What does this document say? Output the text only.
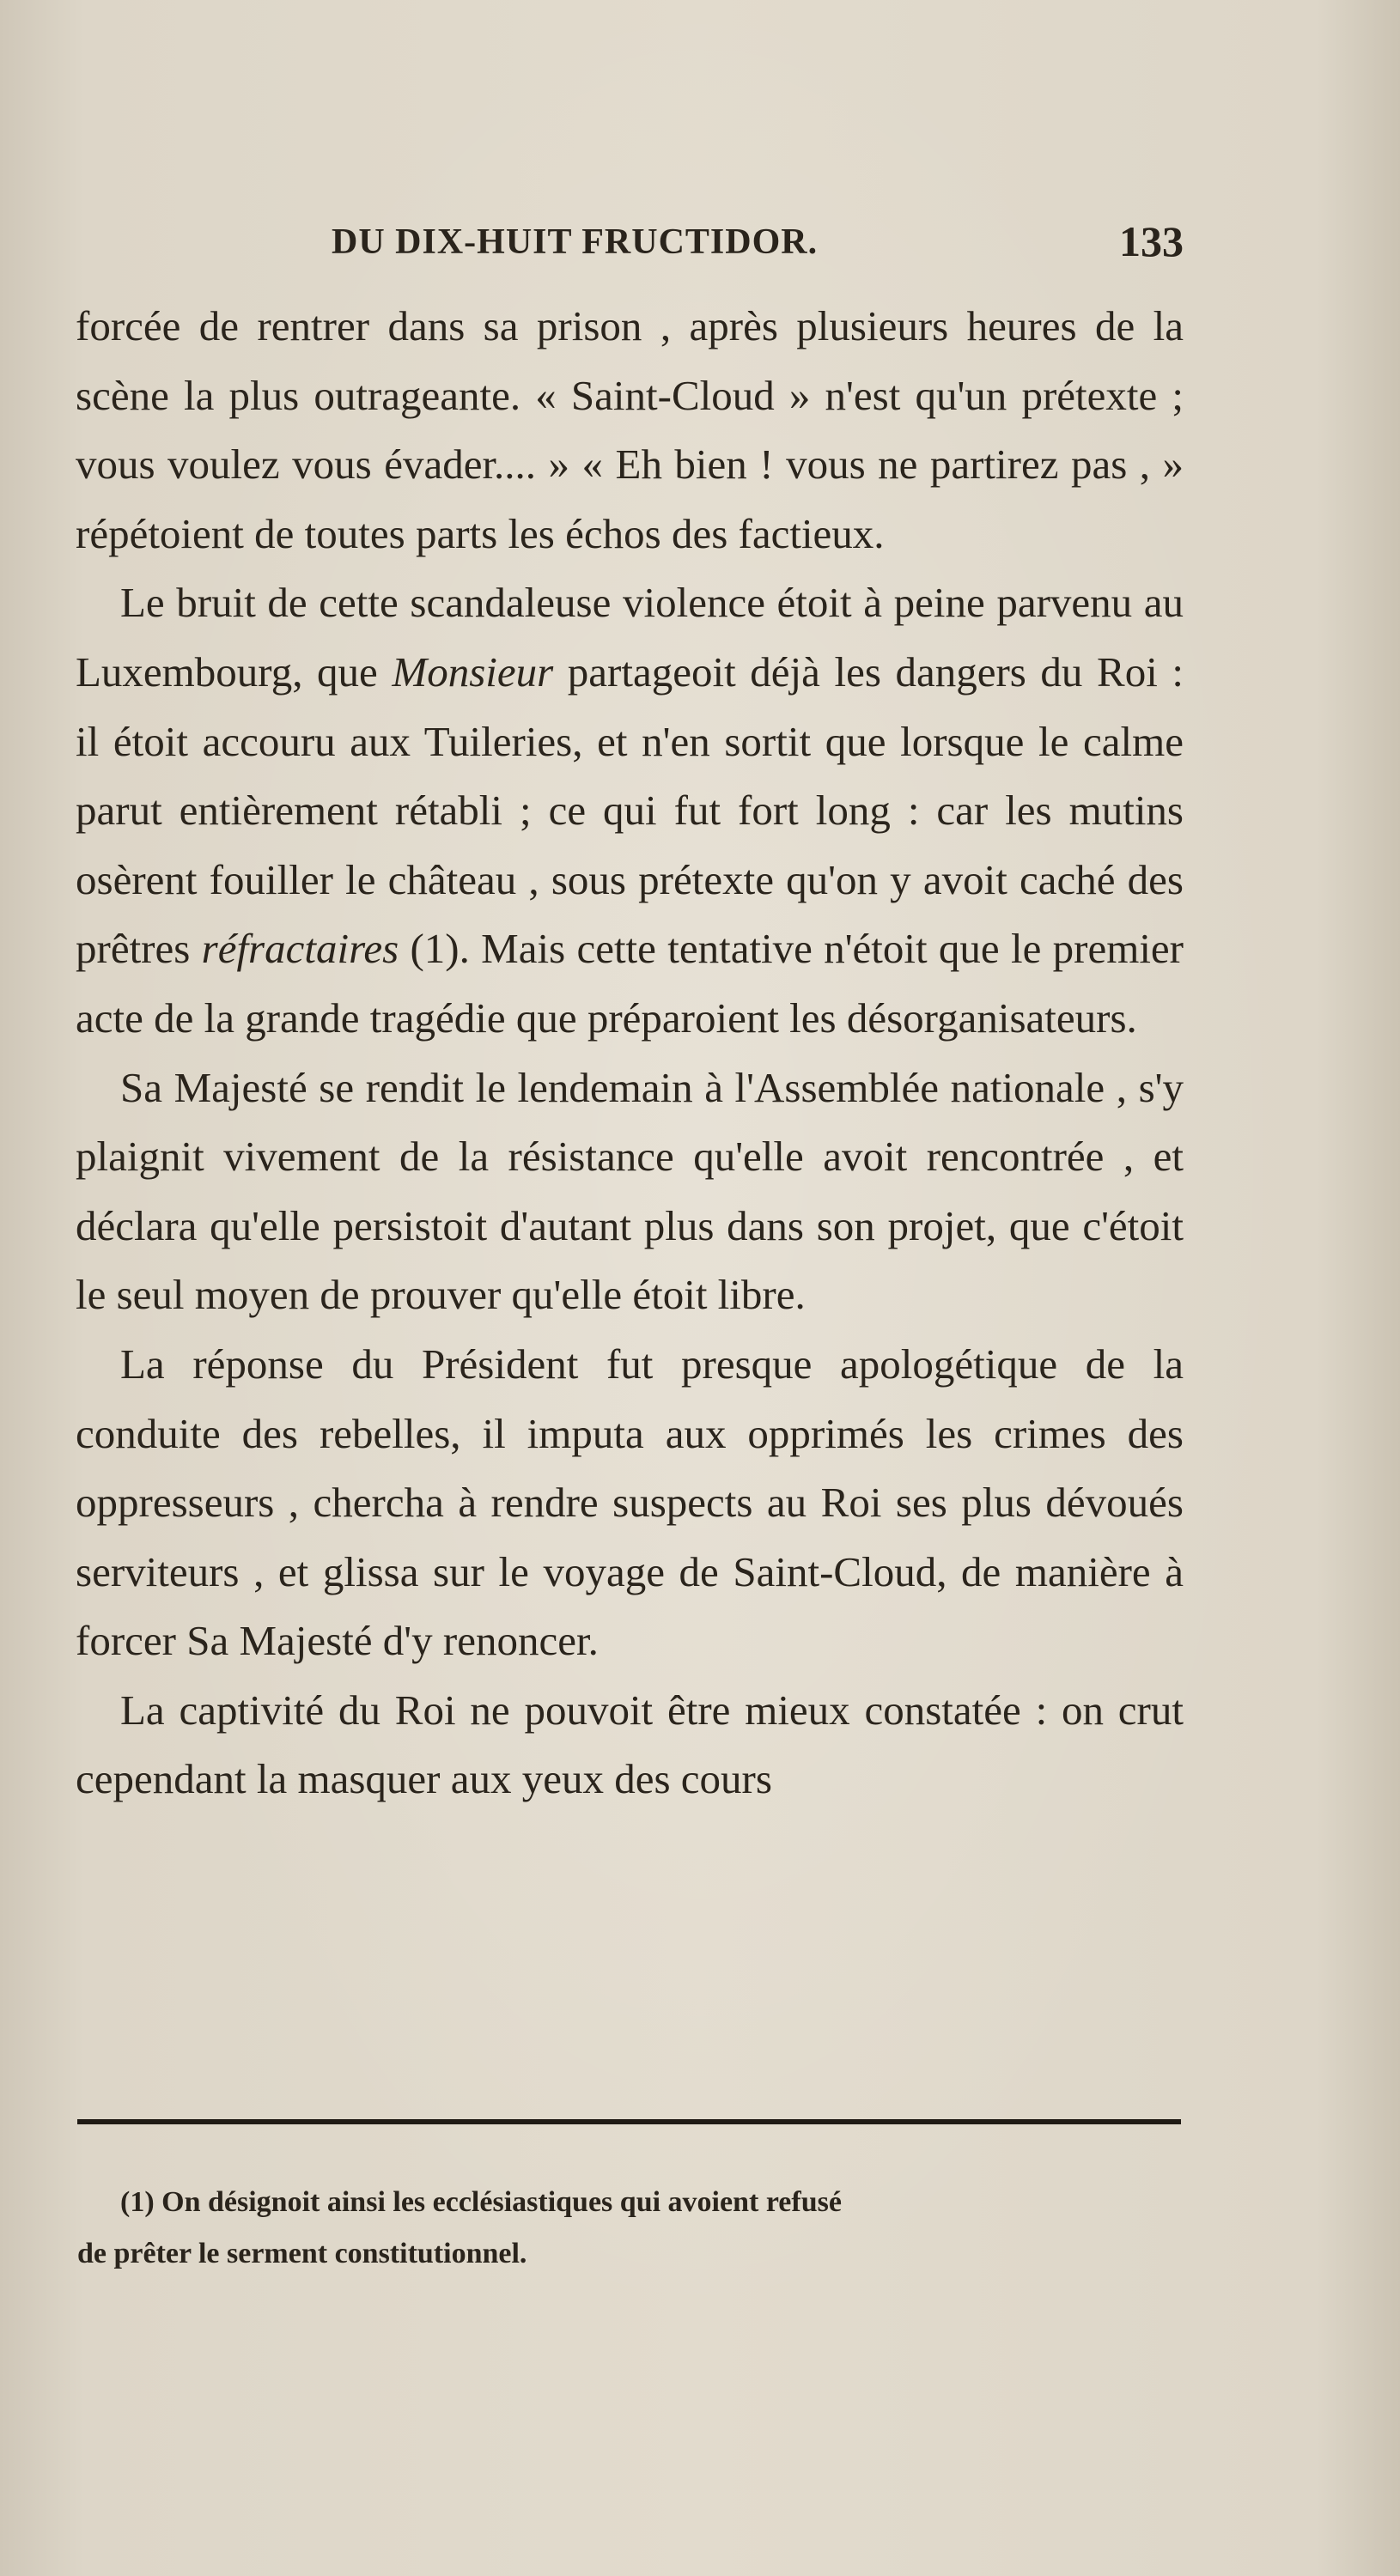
DU DIX-HUIT FRUCTIDOR.	133

forcée de rentrer dans sa prison , après plusieurs heures de la scène la plus outrageante. « Saint-Cloud » n'est qu'un prétexte ; vous voulez vous évader.... » « Eh bien ! vous ne partirez pas , » répétoient de toutes parts les échos des factieux.

Le bruit de cette scandaleuse violence étoit à peine parvenu au Luxembourg, que Monsieur partageoit déjà les dangers du Roi : il étoit accouru aux Tuileries, et n'en sortit que lorsque le calme parut entièrement rétabli ; ce qui fut fort long : car les mutins osèrent fouiller le château , sous prétexte qu'on y avoit caché des prêtres réfractaires (1). Mais cette tentative n'étoit que le premier acte de la grande tragédie que préparoient les désorganisateurs.

Sa Majesté se rendit le lendemain à l'Assemblée nationale , s'y plaignit vivement de la résistance qu'elle avoit rencontrée , et déclara qu'elle persistoit d'autant plus dans son projet, que c'étoit le seul moyen de prouver qu'elle étoit libre.

La réponse du Président fut presque apologétique de la conduite des rebelles, il imputa aux opprimés les crimes des oppresseurs , chercha à rendre suspects au Roi ses plus dévoués serviteurs , et glissa sur le voyage de Saint-Cloud, de manière à forcer Sa Majesté d'y renoncer.

La captivité du Roi ne pouvoit être mieux constatée : on crut cependant la masquer aux yeux des cours

(1) On désignoit ainsi les ecclésiastiques qui avoient refusé
de prêter le serment constitutionnel.
